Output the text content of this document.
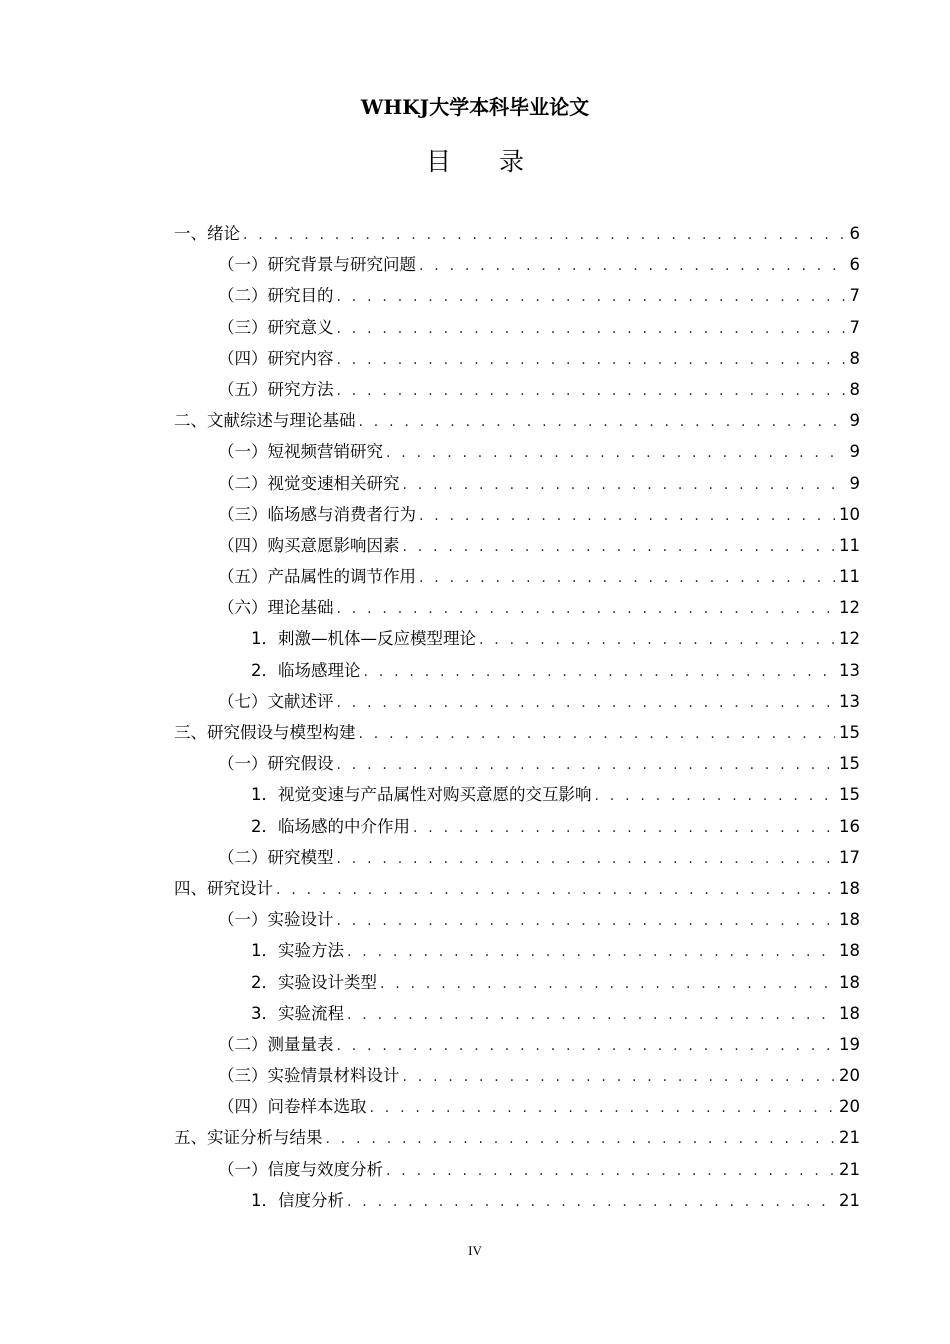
WHKJ大学本科毕业论文
目 录
一、绪论 . . .	6
（一）研究背景与研究问题 . . .	6
（二）研究目的 . . .	7
（三）研究意义 . . .	7
（四）研究内容 . . .	8
（五）研究方法 . . .	8
二、文献综述与理论基础 . . .	9
（一）短视频营销研究 . . .	9
（二）视觉变速相关研究 . . .	9
（三）临场感与消费者行为 . . .	10
（四）购买意愿影响因素 . . .	11
（五）产品属性的调节作用 . . .	11
（六）理论基础 . . .	12
1．刺激—机体—反应模型理论 . . .	12
2．临场感理论 . . .	13
（七）文献述评 . . .	13
三、研究假设与模型构建 . . .	15
（一）研究假设 . . .	15
1．视觉变速与产品属性对购买意愿的交互影响 . . .	15
2．临场感的中介作用 . . .	16
（二）研究模型 . . .	17
四、研究设计 . . .	18
（一）实验设计 . . .	18
1．实验方法 . . .	18
2．实验设计类型 . . .	18
3．实验流程 . . .	18
（二）测量量表 . . .	19
（三）实验情景材料设计 . . .	20
（四）问卷样本选取 . . .	20
五、实证分析与结果 . . .	21
（一）信度与效度分析 . . .	21
1．信度分析 . . .	21
IV
